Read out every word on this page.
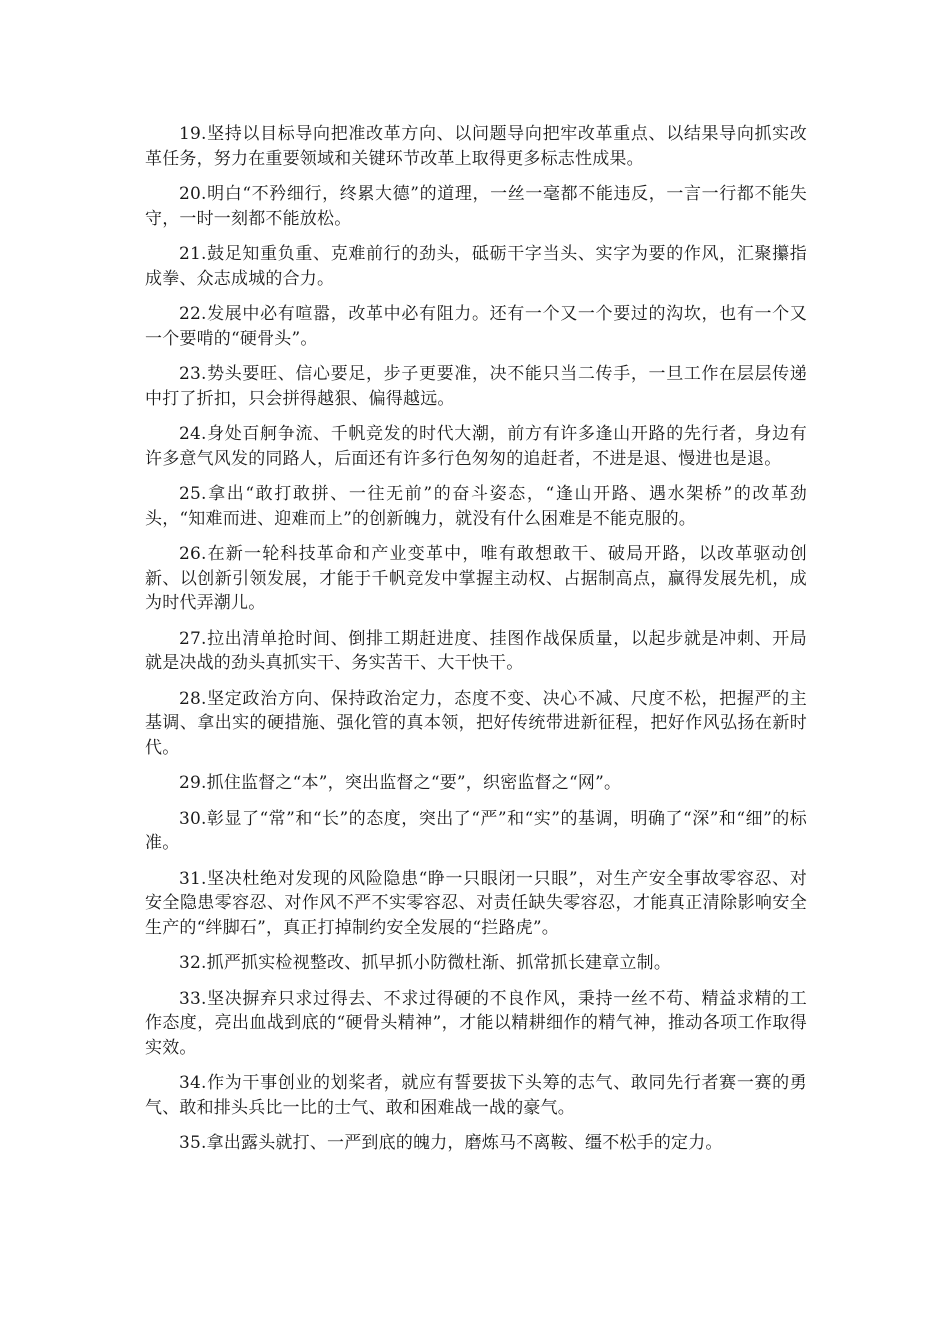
19.坚持以目标导向把准改革方向、以问题导向把牢改革重点、以结果导向抓实改革任务，努力在重要领域和关键环节改革上取得更多标志性成果。

20.明白“不矜细行，终累大德”的道理，一丝一毫都不能违反，一言一行都不能失守，一时一刻都不能放松。

21.鼓足知重负重、克难前行的劲头，砥砺干字当头、实字为要的作风，汇聚攥指成拳、众志成城的合力。

22.发展中必有喧嚣，改革中必有阻力。还有一个又一个要过的沟坎，也有一个又一个要啃的“硬骨头”。

23.势头要旺、信心要足，步子更要准，决不能只当二传手，一旦工作在层层传递中打了折扣，只会拼得越狠、偏得越远。

24.身处百舸争流、千帆竞发的时代大潮，前方有许多逢山开路的先行者，身边有许多意气风发的同路人，后面还有许多行色匆匆的追赶者，不进是退、慢进也是退。

25.拿出“敢打敢拼、一往无前”的奋斗姿态，“逢山开路、遇水架桥”的改革劲头，“知难而进、迎难而上”的创新魄力，就没有什么困难是不能克服的。

26.在新一轮科技革命和产业变革中，唯有敢想敢干、破局开路，以改革驱动创新、以创新引领发展，才能于千帆竞发中掌握主动权、占据制高点，赢得发展先机，成为时代弄潮儿。

27.拉出清单抢时间、倒排工期赶进度、挂图作战保质量，以起步就是冲刺、开局就是决战的劲头真抓实干、务实苦干、大干快干。

28.坚定政治方向、保持政治定力，态度不变、决心不减、尺度不松，把握严的主基调、拿出实的硬措施、强化管的真本领，把好传统带进新征程，把好作风弘扬在新时代。

29.抓住监督之“本”，突出监督之“要”，织密监督之“网”。

30.彰显了“常”和“长”的态度，突出了“严”和“实”的基调，明确了“深”和“细”的标准。

31.坚决杜绝对发现的风险隐患“睁一只眼闭一只眼”，对生产安全事故零容忍、对安全隐患零容忍、对作风不严不实零容忍、对责任缺失零容忍，才能真正清除影响安全生产的“绊脚石”，真正打掉制约安全发展的“拦路虎”。

32.抓严抓实检视整改、抓早抓小防微杜渐、抓常抓长建章立制。

33.坚决摒弃只求过得去、不求过得硬的不良作风，秉持一丝不苟、精益求精的工作态度，亮出血战到底的“硬骨头精神”，才能以精耕细作的精气神，推动各项工作取得实效。

34.作为干事创业的划桨者，就应有誓要拔下头筹的志气、敢同先行者赛一赛的勇气、敢和排头兵比一比的士气、敢和困难战一战的豪气。

35.拿出露头就打、一严到底的魄力，磨炼马不离鞍、缰不松手的定力。
